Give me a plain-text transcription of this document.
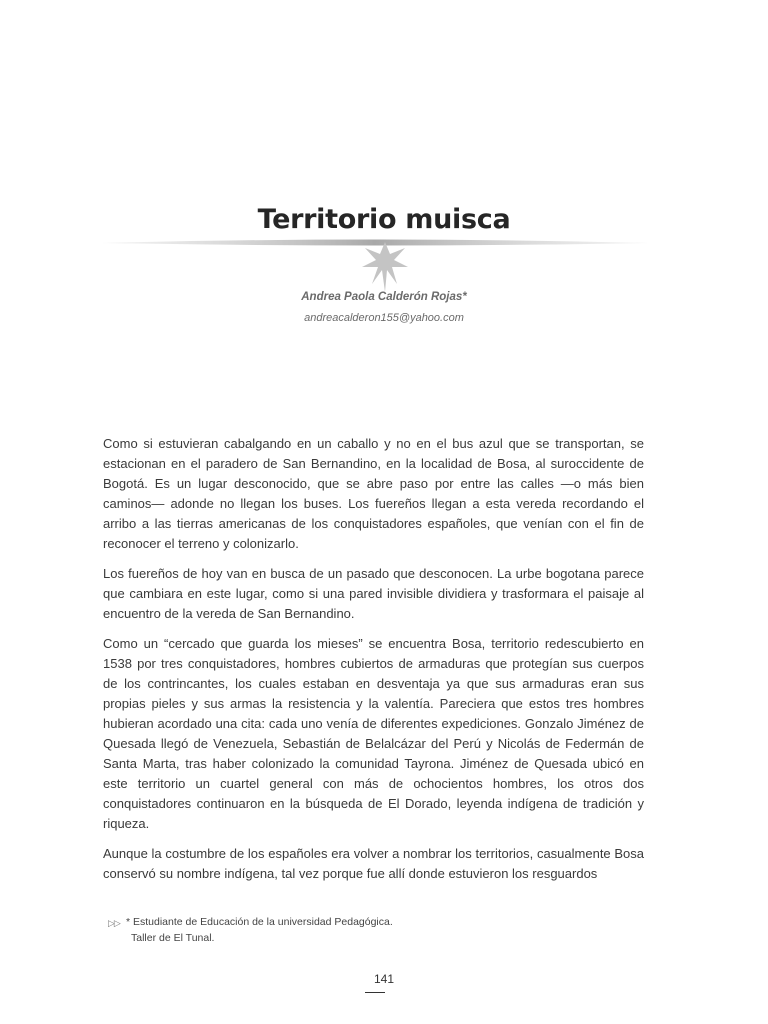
Territorio muisca
Andrea Paola Calderón Rojas*
andreacalderon155@yahoo.com

Como si estuvieran cabalgando en un caballo y no en el bus azul que se transportan, se estacionan en el paradero de San Bernandino, en la localidad de Bosa, al suroccidente de Bogotá. Es un lugar desconocido, que se abre paso por entre las calles —o más bien caminos— adonde no llegan los buses. Los fuereños llegan a esta vereda recordando el arribo a las tierras americanas de los conquistadores españoles, que venían con el fin de reconocer el terreno y colonizarlo.

Los fuereños de hoy van en busca de un pasado que desconocen. La urbe bogotana parece que cambiara en este lugar, como si una pared invisible dividiera y trasformara el paisaje al encuentro de la vereda de San Bernandino.

Como un “cercado que guarda los mieses” se encuentra Bosa, territorio redescubierto en 1538 por tres conquistadores, hombres cubiertos de armaduras que protegían sus cuerpos de los contrincantes, los cuales estaban en desventaja ya que sus armaduras eran sus propias pieles y sus armas la resistencia y la valentía. Pareciera que estos tres hombres hubieran acordado una cita: cada uno venía de diferentes expediciones. Gonzalo Jiménez de Quesada llegó de Venezuela, Sebastián de Belalcázar del Perú y Nicolás de Federmán de Santa Marta, tras haber colonizado la comunidad Tayrona. Jiménez de Quesada ubicó en este territorio un cuartel general con más de ochocientos hombres, los otros dos conquistadores continuaron en la búsqueda de El Dorado, leyenda indígena de tradición y riqueza.

Aunque la costumbre de los españoles era volver a nombrar los territorios, casualmente Bosa conservó su nombre indígena, tal vez porque fue allí donde estuvieron los resguardos

▷▷ * Estudiante de Educación de la universidad Pedagógica.
Taller de El Tunal.
141
